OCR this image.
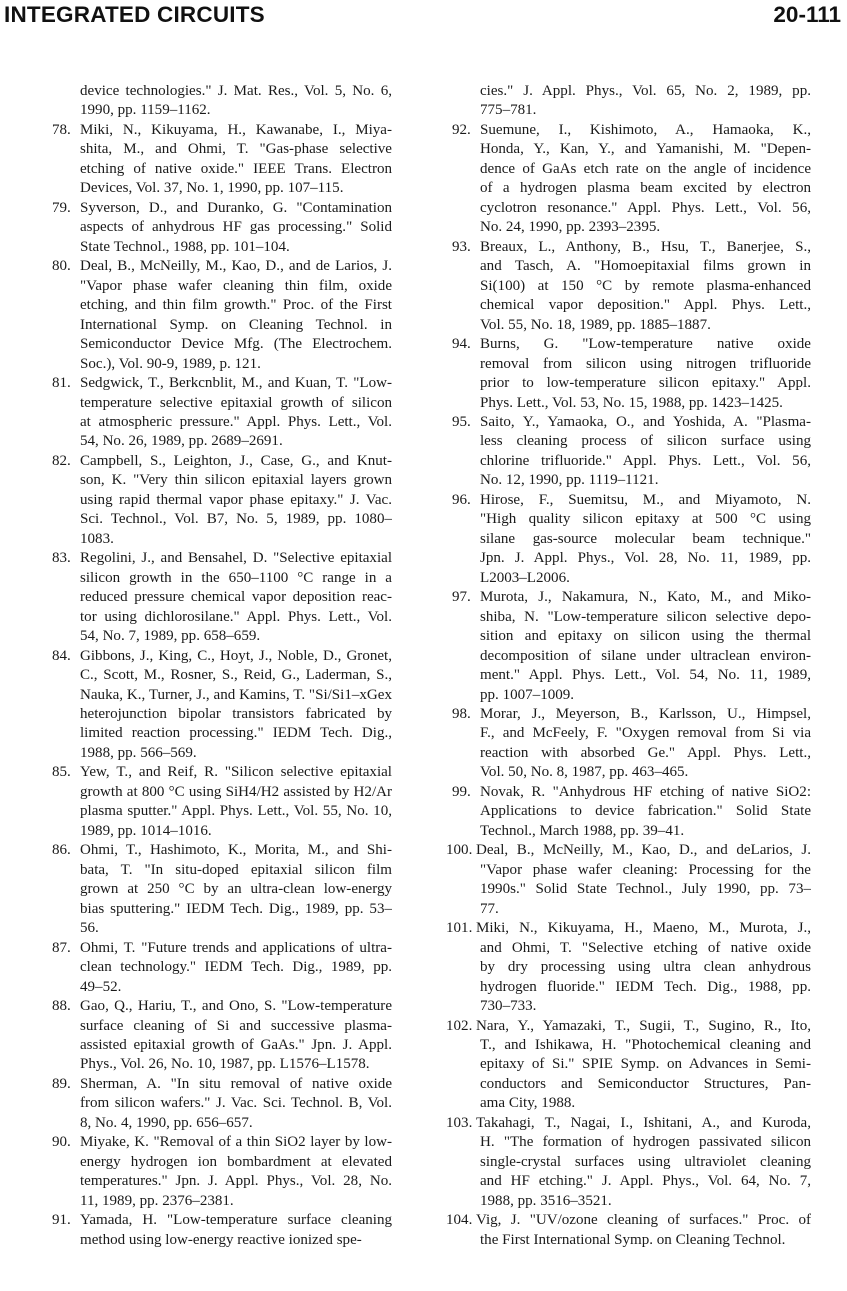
INTEGRATED CIRCUITS	20-111
device technologies." J. Mat. Res., Vol. 5, No. 6,
1990, pp. 1159–1162.
78. Miki, N., Kikuyama, H., Kawanabe, I., Miya-
shita, M., and Ohmi, T. "Gas-phase selective
etching of native oxide." IEEE Trans. Electron
Devices, Vol. 37, No. 1, 1990, pp. 107–115.
79. Syverson, D., and Duranko, G. "Contamination
aspects of anhydrous HF gas processing." Solid
State Technol., 1988, pp. 101–104.
80. Deal, B., McNeilly, M., Kao, D., and de Larios, J.
"Vapor phase wafer cleaning thin film, oxide
etching, and thin film growth." Proc. of the First
International Symp. on Cleaning Technol. in
Semiconductor Device Mfg. (The Electrochem.
Soc.), Vol. 90-9, 1989, p. 121.
81. Sedgwick, T., Berkcnblit, M., and Kuan, T. "Low-
temperature selective epitaxial growth of silicon
at atmospheric pressure." Appl. Phys. Lett., Vol.
54, No. 26, 1989, pp. 2689–2691.
82. Campbell, S., Leighton, J., Case, G., and Knut-
son, K. "Very thin silicon epitaxial layers grown
using rapid thermal vapor phase epitaxy." J. Vac.
Sci. Technol., Vol. B7, No. 5, 1989, pp. 1080–
1083.
83. Regolini, J., and Bensahel, D. "Selective epitaxial
silicon growth in the 650–1100 °C range in a
reduced pressure chemical vapor deposition reac-
tor using dichlorosilane." Appl. Phys. Lett., Vol.
54, No. 7, 1989, pp. 658–659.
84. Gibbons, J., King, C., Hoyt, J., Noble, D., Gronet,
C., Scott, M., Rosner, S., Reid, G., Laderman, S.,
Nauka, K., Turner, J., and Kamins, T. "Si/Si1–xGex
heterojunction bipolar transistors fabricated by
limited reaction processing." IEDM Tech. Dig.,
1988, pp. 566–569.
85. Yew, T., and Reif, R. "Silicon selective epitaxial
growth at 800 °C using SiH4/H2 assisted by H2/Ar
plasma sputter." Appl. Phys. Lett., Vol. 55, No. 10,
1989, pp. 1014–1016.
86. Ohmi, T., Hashimoto, K., Morita, M., and Shi-
bata, T. "In situ-doped epitaxial silicon film
grown at 250 °C by an ultra-clean low-energy
bias sputtering." IEDM Tech. Dig., 1989, pp. 53–
56.
87. Ohmi, T. "Future trends and applications of ultra-
clean technology." IEDM Tech. Dig., 1989, pp.
49–52.
88. Gao, Q., Hariu, T., and Ono, S. "Low-temperature
surface cleaning of Si and successive plasma-
assisted epitaxial growth of GaAs." Jpn. J. Appl.
Phys., Vol. 26, No. 10, 1987, pp. L1576–L1578.
89. Sherman, A. "In situ removal of native oxide
from silicon wafers." J. Vac. Sci. Technol. B, Vol.
8, No. 4, 1990, pp. 656–657.
90. Miyake, K. "Removal of a thin SiO2 layer by low-
energy hydrogen ion bombardment at elevated
temperatures." Jpn. J. Appl. Phys., Vol. 28, No.
11, 1989, pp. 2376–2381.
91. Yamada, H. "Low-temperature surface cleaning
method using low-energy reactive ionized spe-
cies." J. Appl. Phys., Vol. 65, No. 2, 1989, pp.
775–781.
92. Suemune, I., Kishimoto, A., Hamaoka, K.,
Honda, Y., Kan, Y., and Yamanishi, M. "Depen-
dence of GaAs etch rate on the angle of incidence
of a hydrogen plasma beam excited by electron
cyclotron resonance." Appl. Phys. Lett., Vol. 56,
No. 24, 1990, pp. 2393–2395.
93. Breaux, L., Anthony, B., Hsu, T., Banerjee, S.,
and Tasch, A. "Homoepitaxial films grown in
Si(100) at 150 °C by remote plasma-enhanced
chemical vapor deposition." Appl. Phys. Lett.,
Vol. 55, No. 18, 1989, pp. 1885–1887.
94. Burns, G. "Low-temperature native oxide
removal from silicon using nitrogen trifluoride
prior to low-temperature silicon epitaxy." Appl.
Phys. Lett., Vol. 53, No. 15, 1988, pp. 1423–1425.
95. Saito, Y., Yamaoka, O., and Yoshida, A. "Plasma-
less cleaning process of silicon surface using
chlorine trifluoride." Appl. Phys. Lett., Vol. 56,
No. 12, 1990, pp. 1119–1121.
96. Hirose, F., Suemitsu, M., and Miyamoto, N.
"High quality silicon epitaxy at 500 °C using
silane gas-source molecular beam technique."
Jpn. J. Appl. Phys., Vol. 28, No. 11, 1989, pp.
L2003–L2006.
97. Murota, J., Nakamura, N., Kato, M., and Miko-
shiba, N. "Low-temperature silicon selective depo-
sition and epitaxy on silicon using the thermal
decomposition of silane under ultraclean environ-
ment." Appl. Phys. Lett., Vol. 54, No. 11, 1989,
pp. 1007–1009.
98. Morar, J., Meyerson, B., Karlsson, U., Himpsel,
F., and McFeely, F. "Oxygen removal from Si via
reaction with absorbed Ge." Appl. Phys. Lett.,
Vol. 50, No. 8, 1987, pp. 463–465.
99. Novak, R. "Anhydrous HF etching of native SiO2:
Applications to device fabrication." Solid State
Technol., March 1988, pp. 39–41.
100. Deal, B., McNeilly, M., Kao, D., and deLarios, J.
"Vapor phase wafer cleaning: Processing for the
1990s." Solid State Technol., July 1990, pp. 73–
77.
101. Miki, N., Kikuyama, H., Maeno, M., Murota, J.,
and Ohmi, T. "Selective etching of native oxide
by dry processing using ultra clean anhydrous
hydrogen fluoride." IEDM Tech. Dig., 1988, pp.
730–733.
102. Nara, Y., Yamazaki, T., Sugii, T., Sugino, R., Ito,
T., and Ishikawa, H. "Photochemical cleaning and
epitaxy of Si." SPIE Symp. on Advances in Semi-
conductors and Semiconductor Structures, Pan-
ama City, 1988.
103. Takahagi, T., Nagai, I., Ishitani, A., and Kuroda,
H. "The formation of hydrogen passivated silicon
single-crystal surfaces using ultraviolet cleaning
and HF etching." J. Appl. Phys., Vol. 64, No. 7,
1988, pp. 3516–3521.
104. Vig, J. "UV/ozone cleaning of surfaces." Proc. of
the First International Symp. on Cleaning Technol.
